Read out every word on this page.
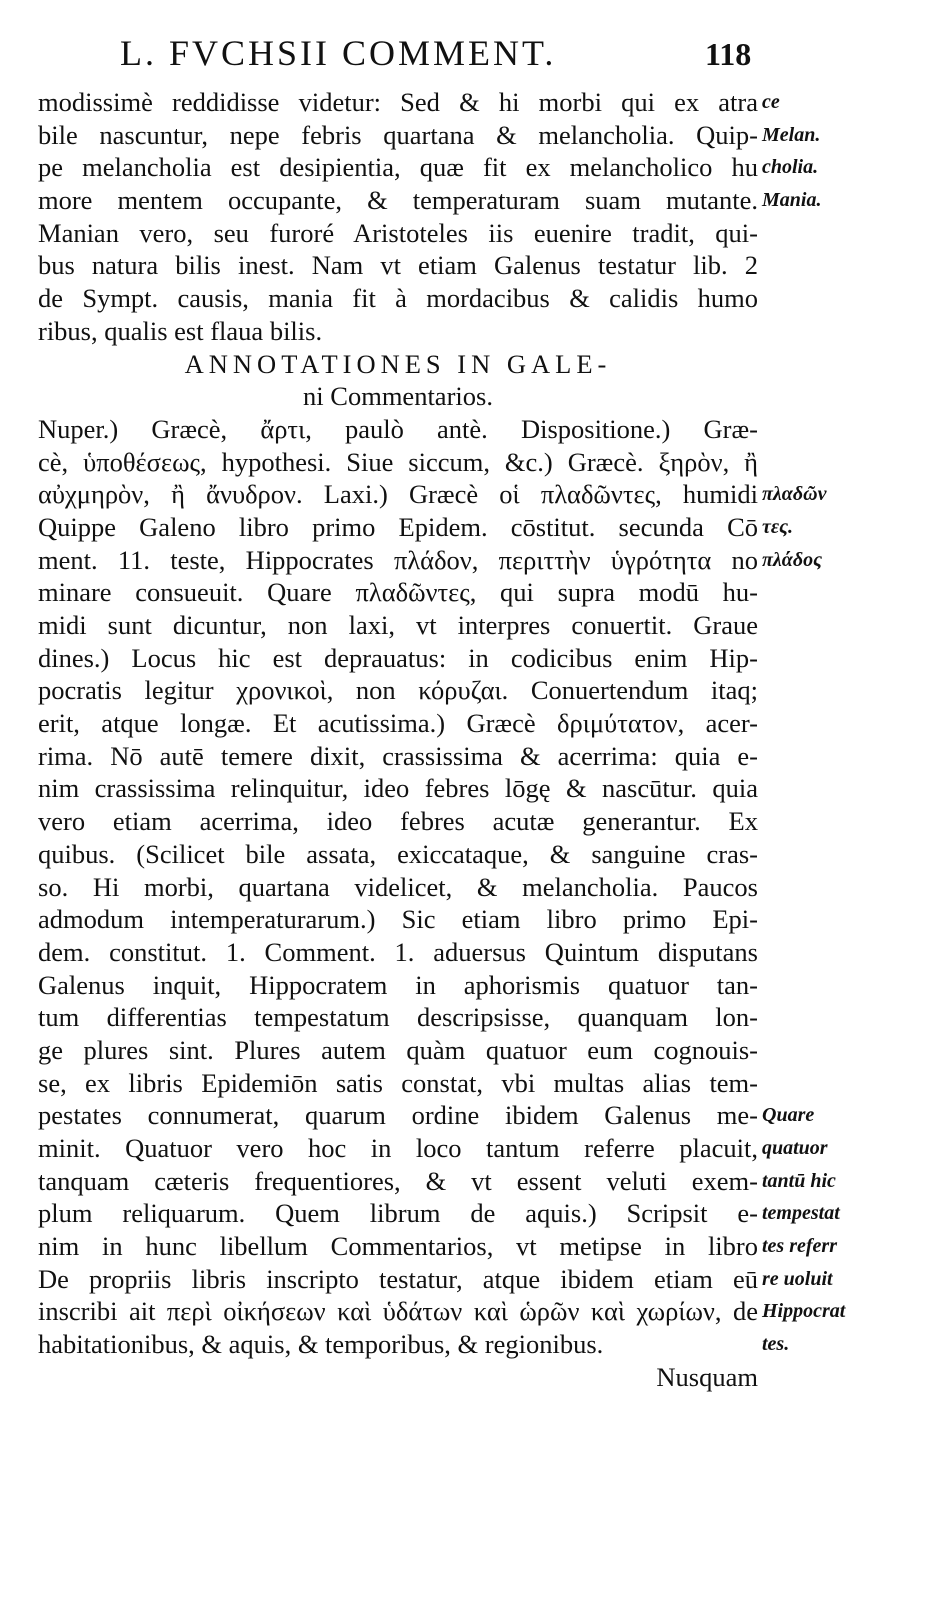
L. FVCHSII COMMENT.	118
modissimè reddidisse videtur: Sed & hi morbi qui ex atra
bile nascuntur, nepe febris quartana & melancholia. Quip-
pe melancholia est desipientia, quæ fit ex melancholico hu
more mentem occupante, & temperaturam suam mutante.
Manian vero, seu furoré Aristoteles iis euenire tradit, qui-
bus natura bilis inest. Nam vt etiam Galenus testatur lib. 2
de Sympt. causis, mania fit à mordacibus & calidis humo
ribus, qualis est flaua bilis.
ANNOTATIONES IN GALE-
ni Commentarios.
Nuper.) Græcè, ἄρτι, paulò antè. Dispositione.) Græ-
cè, ὑποθέσεως, hypothesi. Siue siccum, &c.) Græcè. ξηρὸν, ἢ
αὐχμηρὸν, ἢ ἄνυδρον. Laxi.) Græcè οἱ πλαδῶντες, humidi
Quippe Galeno libro primo Epidem. cōstitut. secunda Cō
ment. 11. teste, Hippocrates πλάδον, περιττὴν ὑγρότητα no
minare consueuit. Quare πλαδῶντες, qui supra modū hu-
midi sunt dicuntur, non laxi, vt interpres conuertit. Graue
dines.) Locus hic est deprauatus: in codicibus enim Hip-
pocratis legitur χρονικοὶ, non κόρυζαι. Conuertendum itaq;
erit, atque longæ. Et acutissima.) Græcè δριμύτατον, acer-
rima. Nō autē temere dixit, crassissima & acerrima: quia e-
nim crassissima relinquitur, ideo febres lōgę & nascūtur. quia
vero etiam acerrima, ideo febres acutæ generantur. Ex
quibus. (Scilicet bile assata, exiccataque, & sanguine cras-
so. Hi morbi, quartana videlicet, & melancholia. Paucos
admodum intemperaturarum.) Sic etiam libro primo Epi-
dem. constitut. 1. Comment. 1. aduersus Quintum disputans
Galenus inquit, Hippocratem in aphorismis quatuor tan-
tum differentias tempestatum descripsisse, quanquam lon-
ge plures sint. Plures autem quàm quatuor eum cognouis-
se, ex libris Epidemiōn satis constat, vbi multas alias tem-
pestates connumerat, quarum ordine ibidem Galenus me-
minit. Quatuor vero hoc in loco tantum referre placuit,
tanquam cæteris frequentiores, & vt essent veluti exem-
plum reliquarum. Quem librum de aquis.) Scripsit e-
nim in hunc libellum Commentarios, vt metipse in libro
De propriis libris inscripto testatur, atque ibidem etiam eū
inscribi ait περὶ οἰκήσεων καὶ ὑδάτων καὶ ὡρῶν καὶ χωρίων, de
habitationibus, & aquis, & temporibus, & regionibus.
Nusquam
ce
Melan.
cholia.
Mania.
πλαδῶν
τες.
πλάδος
Quare
quatuor
tantū hic
tempestat
tes referr
re uoluit
Hippocrat
tes.
